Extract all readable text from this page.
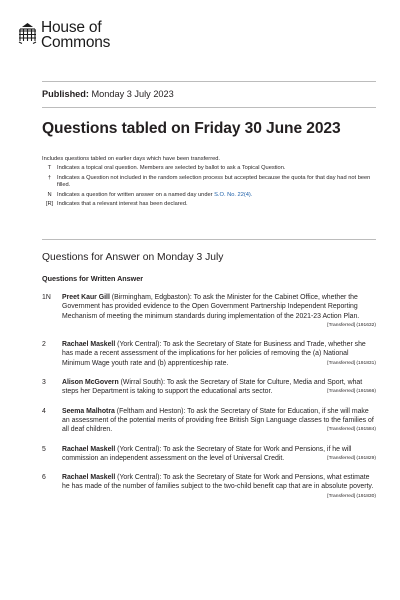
House of
Commons
Published: Monday 3 July 2023
Questions tabled on Friday 30 June 2023
Includes questions tabled on earlier days which have been transferred.
T	Indicates a topical oral question. Members are selected by ballot to ask a Topical Question.
†	Indicates a Question not included in the random selection process but accepted because the quota for that day had not been filled.
N Indicates a question for written answer on a named day under S.O. No. 22(4).
[R] Indicates that a relevant interest has been declared.
Questions for Answer on Monday 3 July
Questions for Written Answer
1N	Preet Kaur Gill (Birmingham, Edgbaston): To ask the Minister for the Cabinet Office, whether the Government has provided evidence to the Open Government Partnership Independent Reporting Mechanism of meeting the minimum standards during implementation of the 2021-23 Action Plan.
[Transferred] (191632)
2	Rachael Maskell (York Central): To ask the Secretary of State for Business and Trade, whether she has made a recent assessment of the implications for her policies of removing the (a) National Minimum Wage youth rate and (b) apprenticeship rate.	[Transferred] (191831)
3	Alison McGovern (Wirral South): To ask the Secretary of State for Culture, Media and Sport, what steps her Department is taking to support the educational arts sector.	[Transferred] (191566)
4	Seema Malhotra (Feltham and Heston): To ask the Secretary of State for Education, if she will make an assessment of the potential merits of providing free British Sign Language classes to the families of all deaf children.	[Transferred] (191584)
5	Rachael Maskell (York Central): To ask the Secretary of State for Work and Pensions, if he will commission an independent assessment on the level of Universal Credit.	[Transferred] (191829)
6	Rachael Maskell (York Central): To ask the Secretary of State for Work and Pensions, what estimate he has made of the number of families subject to the two-child benefit cap that are in absolute poverty.
[Transferred] (191830)
